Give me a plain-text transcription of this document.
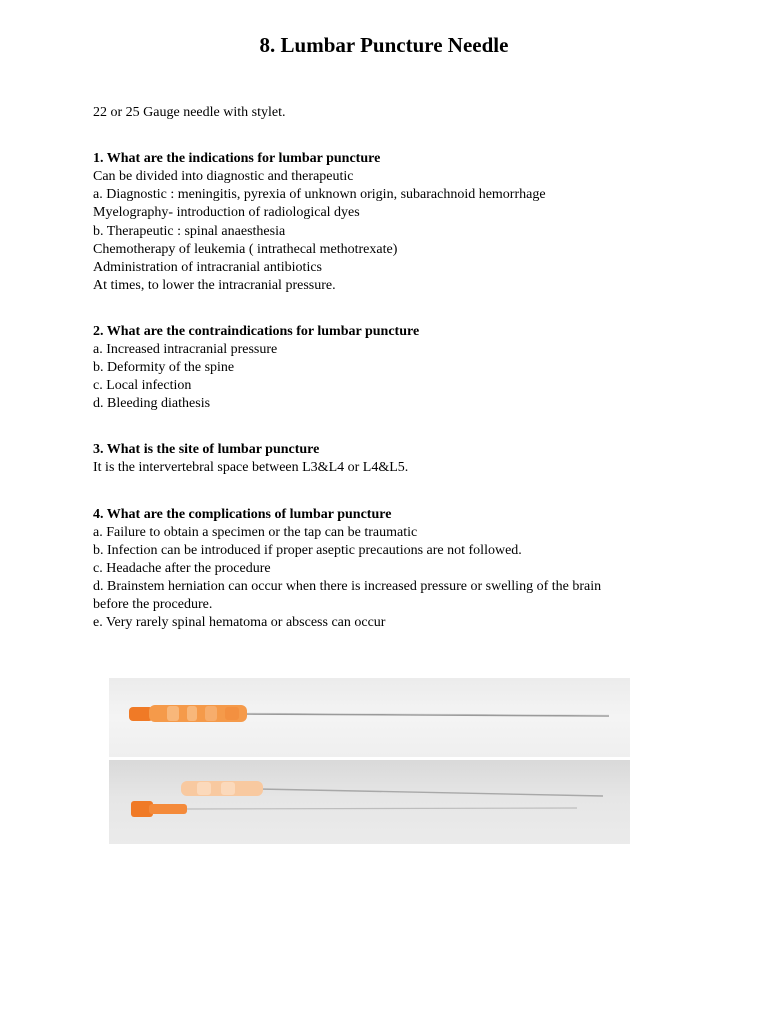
8. Lumbar Puncture Needle
22 or 25 Gauge needle with stylet.
1. What are the indications for lumbar puncture
Can be divided into diagnostic and therapeutic
a. Diagnostic : meningitis, pyrexia of unknown origin, subarachnoid hemorrhage
Myelography- introduction of radiological dyes
b. Therapeutic : spinal anaesthesia
Chemotherapy of leukemia ( intrathecal methotrexate)
Administration of intracranial antibiotics
At times, to lower the intracranial pressure.
2. What are the contraindications for lumbar puncture
a. Increased intracranial pressure
b. Deformity of the spine
c. Local infection
d. Bleeding diathesis
3. What is the site of lumbar puncture
It is the intervertebral space between L3&L4 or L4&L5.
4. What are the complications of lumbar puncture
a. Failure to obtain a specimen or the tap can be traumatic
b. Infection can be introduced if proper aseptic precautions are not followed.
c. Headache after the procedure
d. Brainstem herniation can occur when there is increased pressure or swelling of the brain
before the procedure.
e. Very rarely spinal hematoma or abscess can occur
